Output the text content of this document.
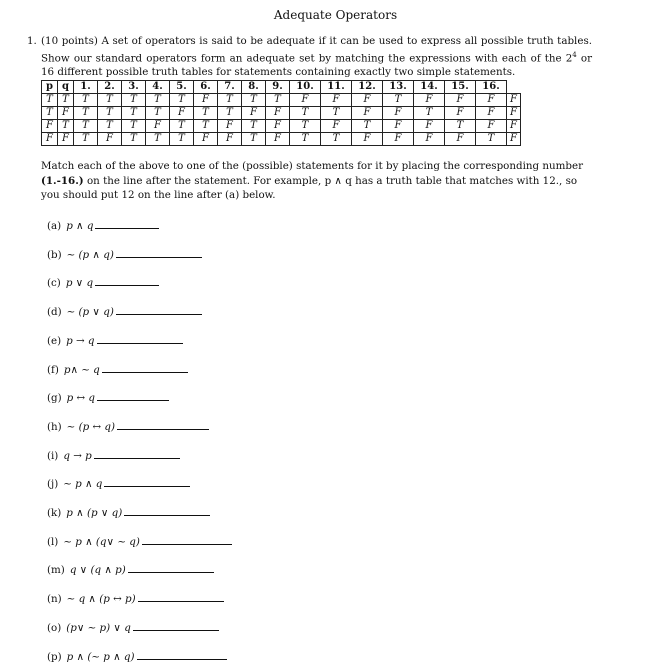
Adequate Operators
1. (10 points) A set of operators is said to be adequate if it can be used to express all possible truth tables. Show our standard operators form an adequate set by matching the expressions with each of the $2^4$ or 16 different possible truth tables for statements containing exactly two simple statements.
p	q	1.	2.	3.	4.	5.	6.	7.	8.	9.	10.	11.	12.	13.	14.	15.	16.	
T	T	T	T	T	T	T	F	T	T	T	F	F	F	T	F	F	F	F
T	F	T	T	T	T	F	T	T	F	F	T	T	F	F	T	F	F	F
F	T	T	T	T	F	T	T	F	T	F	T	F	T	F	F	T	F	F
F	F	T	F	T	T	T	F	F	T	F	T	T	F	F	F	F	T	F
Match each of the above to one of the (possible) statements for it by placing the corresponding number (1.-16.) on the line after the statement. For example, p ∧ q has a truth table that matches with 12., so you should put 12 on the line after (a) below.
(a) p ∧ q
(b) ∼ (p ∧ q)
(c) p ∨ q
(d) ∼ (p ∨ q)
(e) p → q
(f) p∧ ∼ q
(g) p ↔ q
(h) ∼ (p ↔ q)
(i) q → p
(j) ∼ p ∧ q
(k) p ∧ (p ∨ q)
(l) ∼ p ∧ (q∨ ∼ q)
(m) q ∨ (q ∧ p)
(n) ∼ q ∧ (p ↔ p)
(o) (p∨ ∼ p) ∨ q
(p) p ∧ (∼ p ∧ q)
